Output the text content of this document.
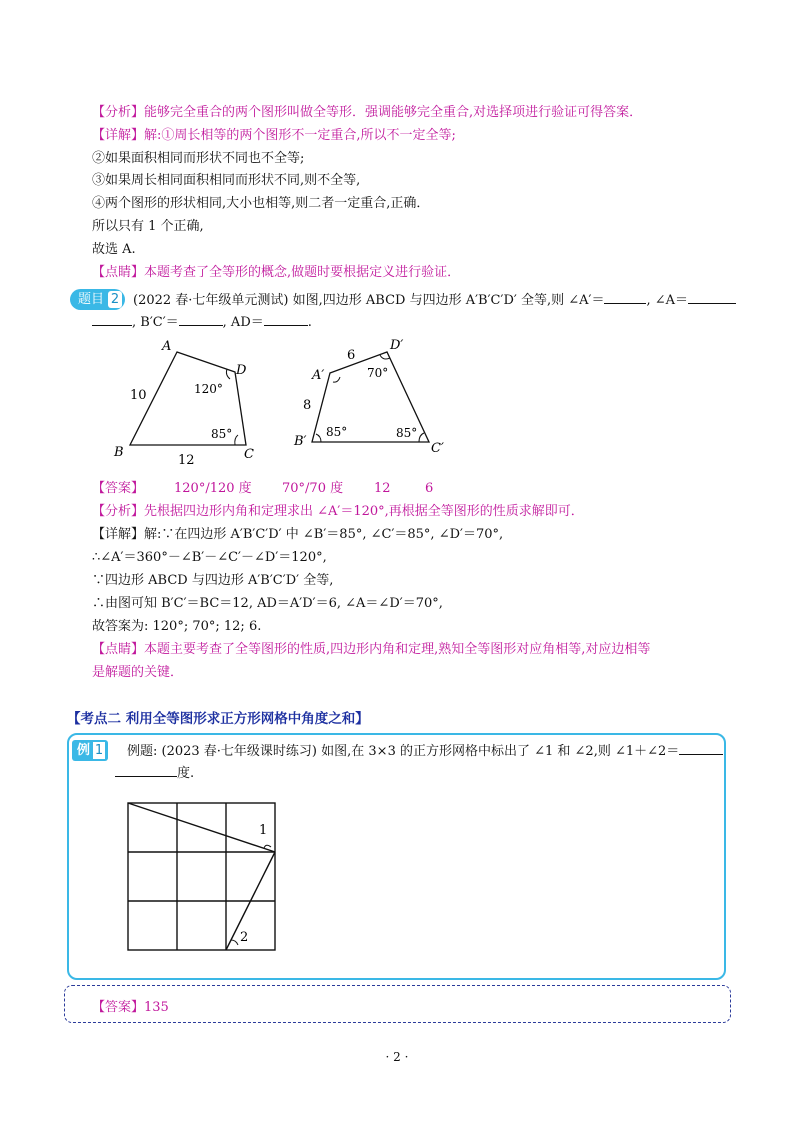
【分析】能够完全重合的两个图形叫做全等形．强调能够完全重合,对选择项进行验证可得答案．
【详解】解:①周长相等的两个图形不一定重合,所以不一定全等;
②如果面积相同而形状不同也不全等;
③如果周长相同面积相同而形状不同,则不全等,
④两个图形的形状相同,大小也相等,则二者一定重合,正确．
所以只有 1 个正确,
故选 A.
【点睛】本题考查了全等形的概念,做题时要根据定义进行验证．
题目 2	(2022 春·七年级单元测试) 如图,四边形 ABCD 与四边形 A′B′C′D′ 全等,则 ∠A′＝	, ∠A＝
, B′C′＝	, AD＝	.
A
D
B	C
10
12
120°
85°
A′
D′
B′	C′
6
8
70°
85°	85°
【答案】 120°/120 度 70°/70 度 12	6
【分析】先根据四边形内角和定理求出 ∠A′＝120°,再根据全等图形的性质求解即可．
【详解】解:∵在四边形 A′B′C′D′ 中 ∠B′＝85°, ∠C′＝85°, ∠D′＝70°,
∴∠A′＝360°－∠B′－∠C′－∠D′＝120°,
∵四边形 ABCD 与四边形 A′B′C′D′ 全等,
∴由图可知 B′C′＝BC＝12, AD＝A′D′＝6, ∠A＝∠D′＝70°,
故答案为: 120°; 70°; 12; 6.
【点睛】本题主要考查了全等图形的性质,四边形内角和定理,熟知全等图形对应角相等,对应边相等
是解题的关键．
【考点二 利用全等图形求正方形网格中角度之和】
例 1	例题: (2023 春·七年级课时练习) 如图,在 3×3 的正方形网格中标出了 ∠1 和 ∠2,则 ∠1＋∠2＝
度.
1
2
【答案】135
· 2 ·
